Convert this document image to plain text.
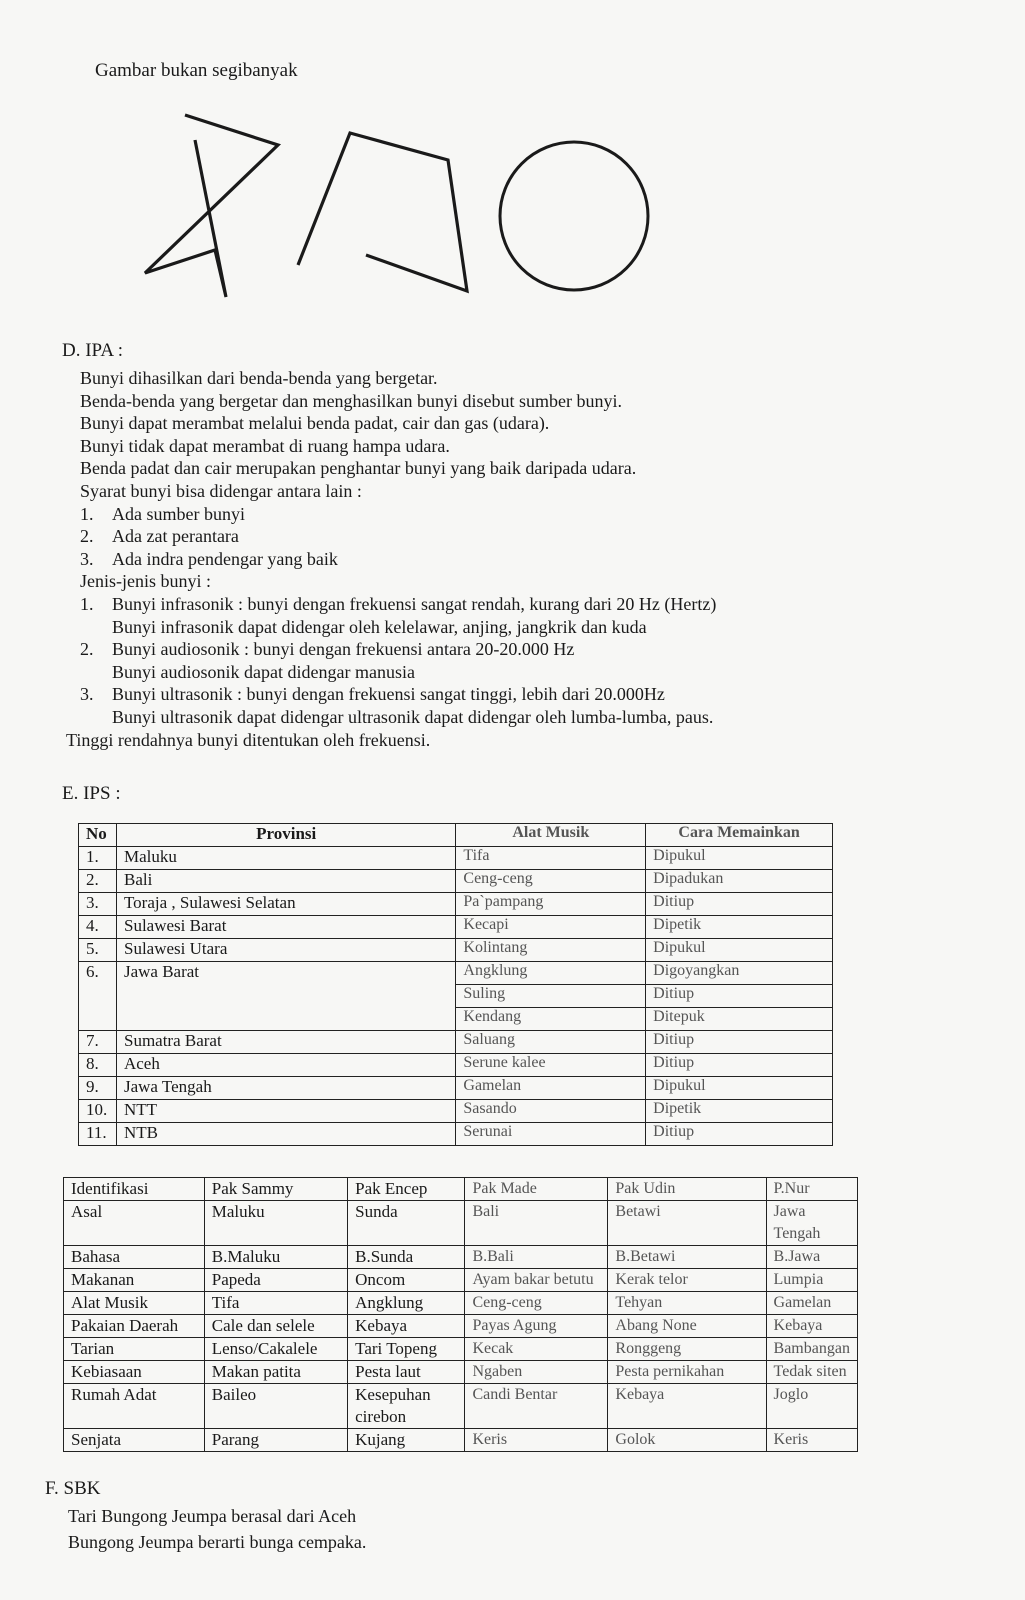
Gambar bukan segibanyak
D. IPA :
Bunyi dihasilkan dari benda-benda yang bergetar.
Benda-benda yang bergetar dan menghasilkan bunyi disebut sumber bunyi.
Bunyi dapat merambat melalui benda padat, cair dan gas (udara).
Bunyi tidak dapat merambat di ruang hampa udara.
Benda padat dan cair merupakan penghantar bunyi yang baik daripada udara.
Syarat bunyi bisa didengar antara lain :
1. Ada sumber bunyi
2. Ada zat perantara
3. Ada indra pendengar yang baik
Jenis-jenis bunyi :
1. Bunyi infrasonik : bunyi dengan frekuensi sangat rendah, kurang dari 20 Hz (Hertz)
Bunyi infrasonik dapat didengar oleh kelelawar, anjing, jangkrik dan kuda
2. Bunyi audiosonik : bunyi dengan frekuensi antara 20-20.000 Hz
Bunyi audiosonik dapat didengar manusia
3. Bunyi ultrasonik : bunyi dengan frekuensi sangat tinggi, lebih dari 20.000Hz
Bunyi ultrasonik dapat didengar ultrasonik dapat didengar oleh lumba-lumba, paus.
Tinggi rendahnya bunyi ditentukan oleh frekuensi.
E. IPS :
No	Provinsi	Alat Musik	Cara Memainkan
1.	Maluku	Tifa	Dipukul
2.	Bali	Ceng-ceng	Dipadukan
3.	Toraja , Sulawesi Selatan	Pa`pampang	Ditiup
4.	Sulawesi Barat	Kecapi	Dipetik
5.	Sulawesi Utara	Kolintang	Dipukul
6.	Jawa Barat	Angklung	Digoyangkan
		Suling	Ditiup
		Kendang	Ditepuk
7.	Sumatra Barat	Saluang	Ditiup
8.	Aceh	Serune kalee	Ditiup
9.	Jawa Tengah	Gamelan	Dipukul
10.	NTT	Sasando	Dipetik
11.	NTB	Serunai	Ditiup
Identifikasi	Pak Sammy	Pak Encep	Pak Made	Pak Udin	P.Nur
Asal	Maluku	Sunda	Bali	Betawi	Jawa Tengah
Bahasa	B.Maluku	B.Sunda	B.Bali	B.Betawi	B.Jawa
Makanan	Papeda	Oncom	Ayam bakar betutu	Kerak telor	Lumpia
Alat Musik	Tifa	Angklung	Ceng-ceng	Tehyan	Gamelan
Pakaian Daerah	Cale dan selele	Kebaya	Payas Agung	Abang None	Kebaya
Tarian	Lenso/Cakalele	Tari Topeng	Kecak	Ronggeng	Bambangan
Kebiasaan	Makan patita	Pesta laut	Ngaben	Pesta pernikahan	Tedak siten
Rumah Adat	Baileo	Kesepuhan cirebon	Candi Bentar	Kebaya	Joglo
Senjata	Parang	Kujang	Keris	Golok	Keris
F. SBK
Tari Bungong Jeumpa berasal dari Aceh
Bungong Jeumpa berarti bunga cempaka.
